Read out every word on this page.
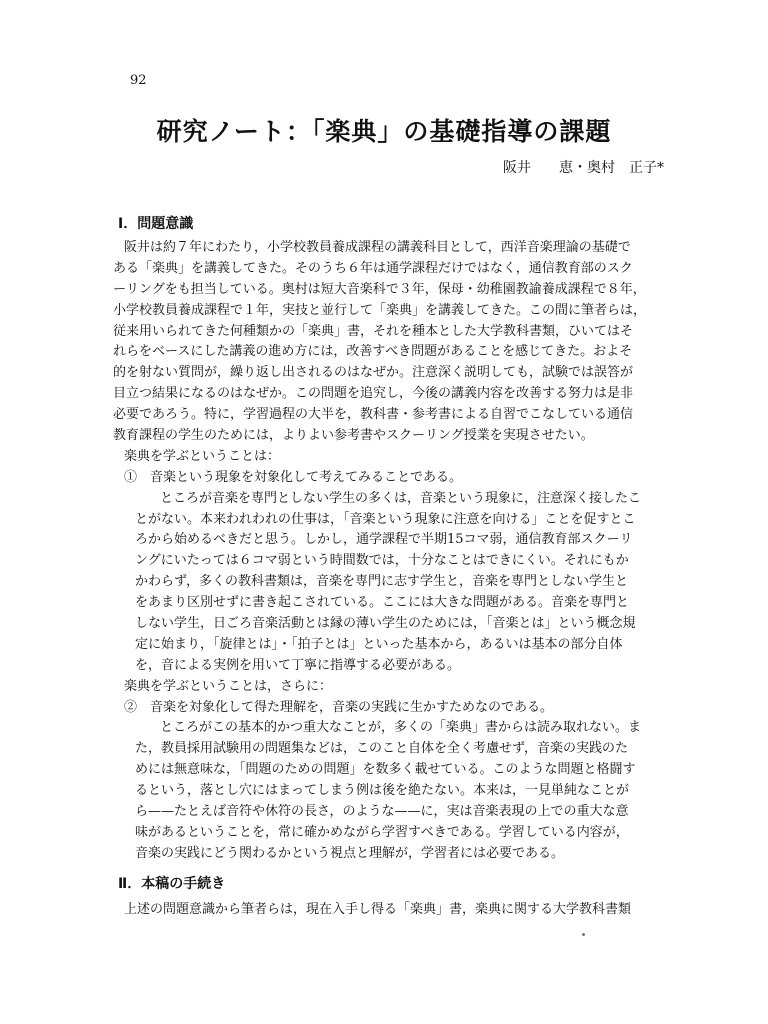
92
研究ノート：「楽典」の基礎指導の課題
阪井　　恵・奥村　正子*
Ⅰ．問題意識
阪井は約７年にわたり，小学校教員養成課程の講義科目として，西洋音楽理論の基礎で
ある「楽典」を講義してきた。そのうち６年は通学課程だけではなく，通信教育部のスク
ーリングをも担当している。奥村は短大音楽科で３年，保母・幼稚園教諭養成課程で８年，
小学校教員養成課程で１年，実技と並行して「楽典」を講義してきた。この間に筆者らは，
従来用いられてきた何種類かの「楽典」書，それを種本とした大学教科書類，ひいてはそ
れらをベースにした講義の進め方には，改善すべき問題があることを感じてきた。およそ
的を射ない質問が，繰り返し出されるのはなぜか。注意深く説明しても，試験では誤答が
目立つ結果になるのはなぜか。この問題を追究し，今後の講義内容を改善する努力は是非
必要であろう。特に，学習過程の大半を，教科書・参考書による自習でこなしている通信
教育課程の学生のためには，よりよい参考書やスクーリング授業を実現させたい。
楽典を学ぶということは：
①　音楽という現象を対象化して考えてみることである。
ところが音楽を専門としない学生の多くは，音楽という現象に，注意深く接したこ
とがない。本来われわれの仕事は，「音楽という現象に注意を向ける」ことを促すとこ
ろから始めるべきだと思う。しかし，通学課程で半期15コマ弱，通信教育部スクーリ
ングにいたっては６コマ弱という時間数では，十分なことはできにくい。それにもか
かわらず，多くの教科書類は，音楽を専門に志す学生と，音楽を専門としない学生と
をあまり区別せずに書き起こされている。ここには大きな問題がある。音楽を専門と
しない学生，日ごろ音楽活動とは縁の薄い学生のためには，「音楽とは」という概念規
定に始まり，「旋律とは」・「拍子とは」といった基本から，あるいは基本の部分自体
を，音による実例を用いて丁寧に指導する必要がある。
楽典を学ぶということは，さらに：
②　音楽を対象化して得た理解を，音楽の実践に生かすためなのである。
ところがこの基本的かつ重大なことが，多くの「楽典」書からは読み取れない。ま
た，教員採用試験用の問題集などは，このこと自体を全く考慮せず，音楽の実践のた
めには無意味な，「問題のための問題」を数多く載せている。このような問題と格闘す
るという，落とし穴にはまってしまう例は後を絶たない。本来は，一見単純なことが
ら——たとえば音符や休符の長さ，のような——に，実は音楽表現の上での重大な意
味があるということを，常に確かめながら学習すべきである。学習している内容が，
音楽の実践にどう関わるかという視点と理解が，学習者には必要である。
Ⅱ．本稿の手続き
上述の問題意識から筆者らは，現在入手し得る「楽典」書，楽典に関する大学教科書類
